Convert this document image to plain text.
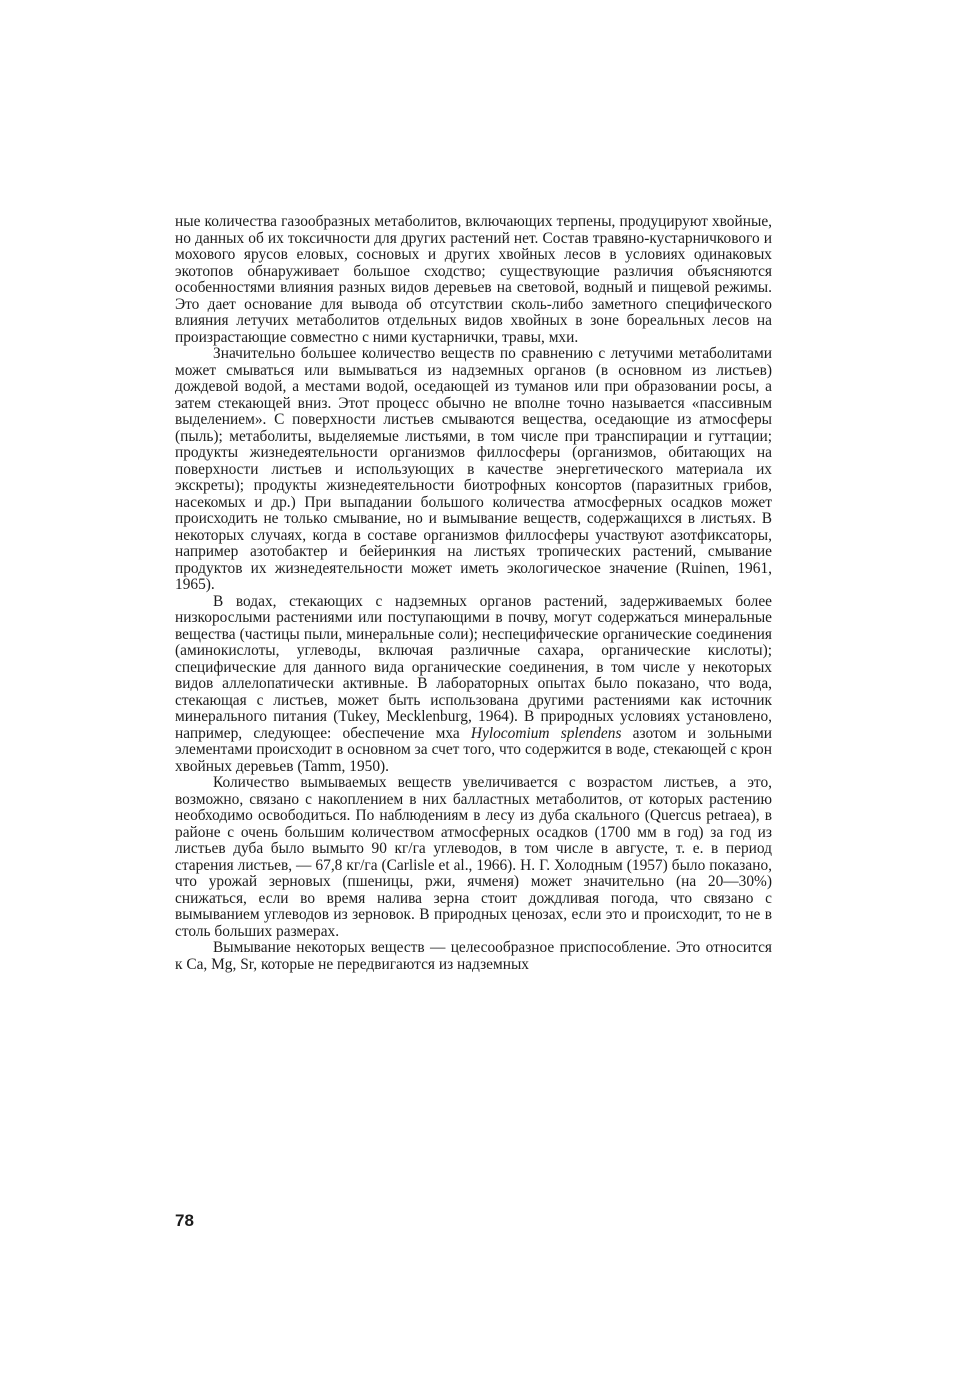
ные количества газообразных метаболитов, включающих терпены, продуцируют хвойные, но данных об их токсичности для других растений нет. Состав травяно-кустарничкового и мохового ярусов еловых, сосновых и других хвойных лесов в условиях одинаковых экотопов обнаруживает большое сходство; существующие различия объясняются особенностями влияния разных видов деревьев на световой, водный и пищевой режимы. Это дает основание для вывода об отсутствии сколь-либо заметного специфического влияния летучих метаболитов отдельных видов хвойных в зоне бореальных лесов на произрастающие совместно с ними кустарнички, травы, мхи.

Значительно большее количество веществ по сравнению с летучими метаболитами может смываться или вымываться из надземных органов (в основном из листьев) дождевой водой, а местами водой, оседающей из туманов или при образовании росы, а затем стекающей вниз. Этот процесс обычно не вполне точно называется «пассивным выделением». С поверхности листьев смываются вещества, оседающие из атмосферы (пыль); метаболиты, выделяемые листьями, в том числе при транспирации и гуттации; продукты жизнедеятельности организмов филлосферы (организмов, обитающих на поверхности листьев и использующих в качестве энергетического материала их экскреты); продукты жизнедеятельности биотрофных консортов (паразитных грибов, насекомых и др.) При выпадании большого количества атмосферных осадков может происходить не только смывание, но и вымывание веществ, содержащихся в листьях. В некоторых случаях, когда в составе организмов филлосферы участвуют азотфиксаторы, например азотобактер и бейеринкия на листьях тропических растений, смывание продуктов их жизнедеятельности может иметь экологическое значение (Ruinen, 1961, 1965).

В водах, стекающих с надземных органов растений, задерживаемых более низкорослыми растениями или поступающими в почву, могут содержаться минеральные вещества (частицы пыли, минеральные соли); неспецифические органические соединения (аминокислоты, углеводы, включая различные сахара, органические кислоты); специфические для данного вида органические соединения, в том числе у некоторых видов аллелопатически активные. В лабораторных опытах было показано, что вода, стекающая с листьев, может быть использована другими растениями как источник минерального питания (Tukey, Mecklenburg, 1964). В природных условиях установлено, например, следующее: обеспечение мха Hylocomium splendens азотом и зольными элементами происходит в основном за счет того, что содержится в воде, стекающей с крон хвойных деревьев (Tamm, 1950).

Количество вымываемых веществ увеличивается с возрастом листьев, а это, возможно, связано с накоплением в них балластных метаболитов, от которых растению необходимо освободиться. По наблюдениям в лесу из дуба скального (Quercus petraea), в районе с очень большим количеством атмосферных осадков (1700 мм в год) за год из листьев дуба было вымыто 90 кг/га углеводов, в том числе в августе, т. е. в период старения листьев, — 67,8 кг/га (Carlisle et al., 1966). Н. Г. Холодным (1957) было показано, что урожай зерновых (пшеницы, ржи, ячменя) может значительно (на 20—30%) снижаться, если во время налива зерна стоит дождливая погода, что связано с вымыванием углеводов из зерновок. В природных ценозах, если это и происходит, то не в столь больших размерах.

Вымывание некоторых веществ — целесообразное приспособление. Это относится к Ca, Mg, Sr, которые не передвигаются из надземных

78
